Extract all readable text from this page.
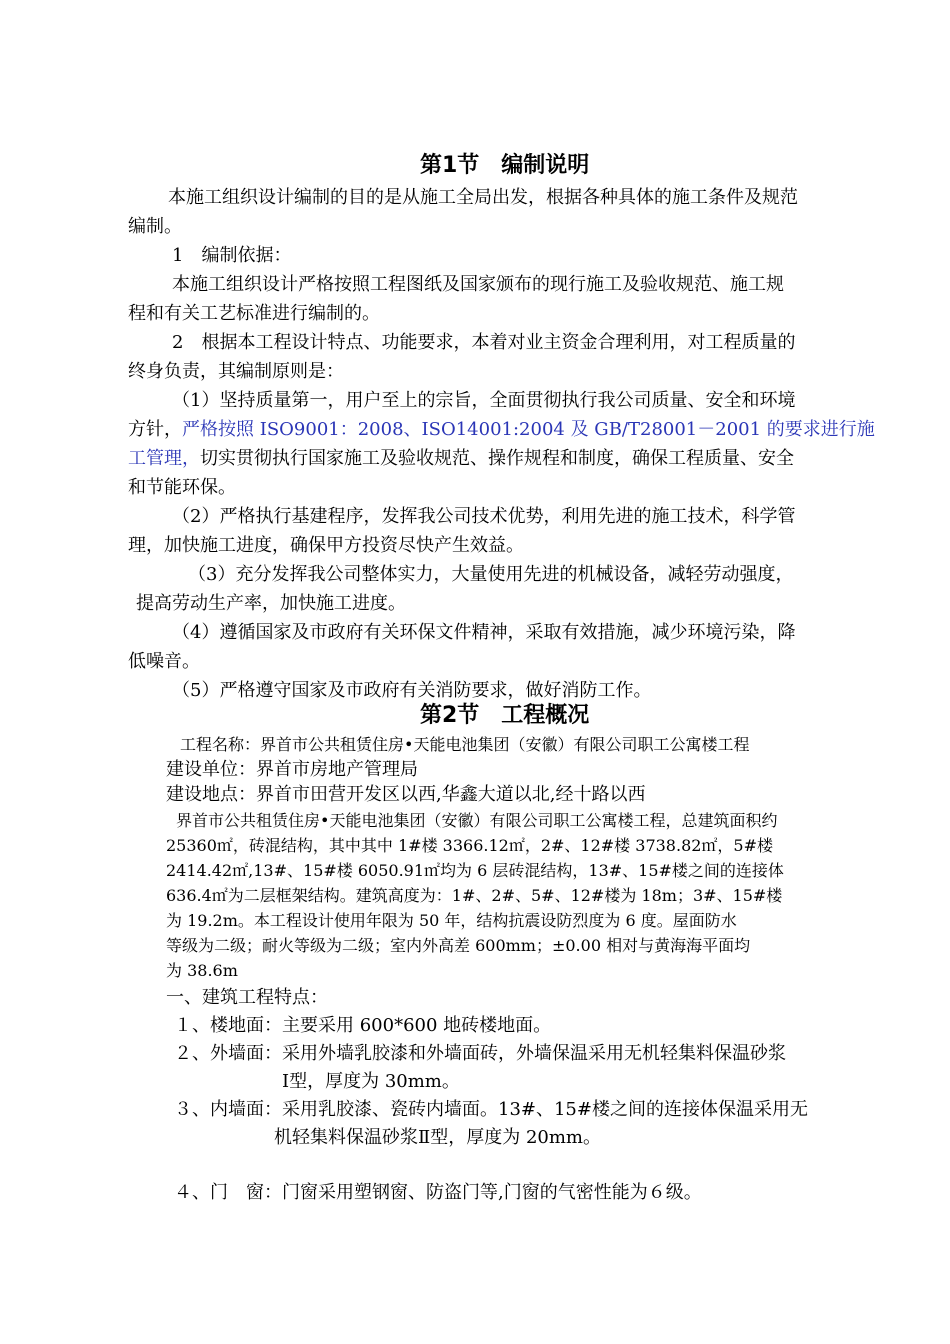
第1节　编制说明
本施工组织设计编制的目的是从施工全局出发，根据各种具体的施工条件及规范
编制。
1　编制依据：
本施工组织设计严格按照工程图纸及国家颁布的现行施工及验收规范、施工规
程和有关工艺标准进行编制的。
2　根据本工程设计特点、功能要求，本着对业主资金合理利用，对工程质量的
终身负责，其编制原则是：
（1）坚持质量第一，用户至上的宗旨，全面贯彻执行我公司质量、安全和环境
方针，严格按照 ISO9001：2008、ISO14001:2004 及 GB/T28001－2001 的要求进行施
工管理，切实贯彻执行国家施工及验收规范、操作规程和制度，确保工程质量、安全
和节能环保。
（2）严格执行基建程序，发挥我公司技术优势，利用先进的施工技术，科学管
理，加快施工进度，确保甲方投资尽快产生效益。
（3）充分发挥我公司整体实力，大量使用先进的机械设备，减轻劳动强度，
提高劳动生产率，加快施工进度。
（4）遵循国家及市政府有关环保文件精神，采取有效措施，减少环境污染，降
低噪音。
（5）严格遵守国家及市政府有关消防要求，做好消防工作。
第2节　工程概况
工程名称：界首市公共租赁住房•天能电池集团（安徽）有限公司职工公寓楼工程
建设单位：界首市房地产管理局
建设地点：界首市田营开发区以西,华鑫大道以北,经十路以西
界首市公共租赁住房•天能电池集团（安徽）有限公司职工公寓楼工程，总建筑面积约
25360㎡，砖混结构，其中其中 1#楼 3366.12㎡，2#、12#楼 3738.82㎡，5#楼
2414.42㎡,13#、15#楼 6050.91㎡均为 6 层砖混结构，13#、15#楼之间的连接体
636.4㎡为二层框架结构。建筑高度为：1#、2#、5#、12#楼为 18m；3#、15#楼
为 19.2m。本工程设计使用年限为 50 年，结构抗震设防烈度为 6 度。屋面防水
等级为二级；耐火等级为二级；室内外高差 600mm；±0.00 相对与黄海海平面均
为 38.6m
一、建筑工程特点：
１、楼地面：主要采用 600*600 地砖楼地面。
２、外墙面：采用外墙乳胶漆和外墙面砖，外墙保温采用无机轻集料保温砂浆
Ⅰ型，厚度为 30mm。
３、内墙面：采用乳胶漆、瓷砖内墙面。13#、15#楼之间的连接体保温采用无
机轻集料保温砂浆Ⅱ型，厚度为 20mm。
４、门　窗：门窗采用塑钢窗、防盗门等,门窗的气密性能为６级。
